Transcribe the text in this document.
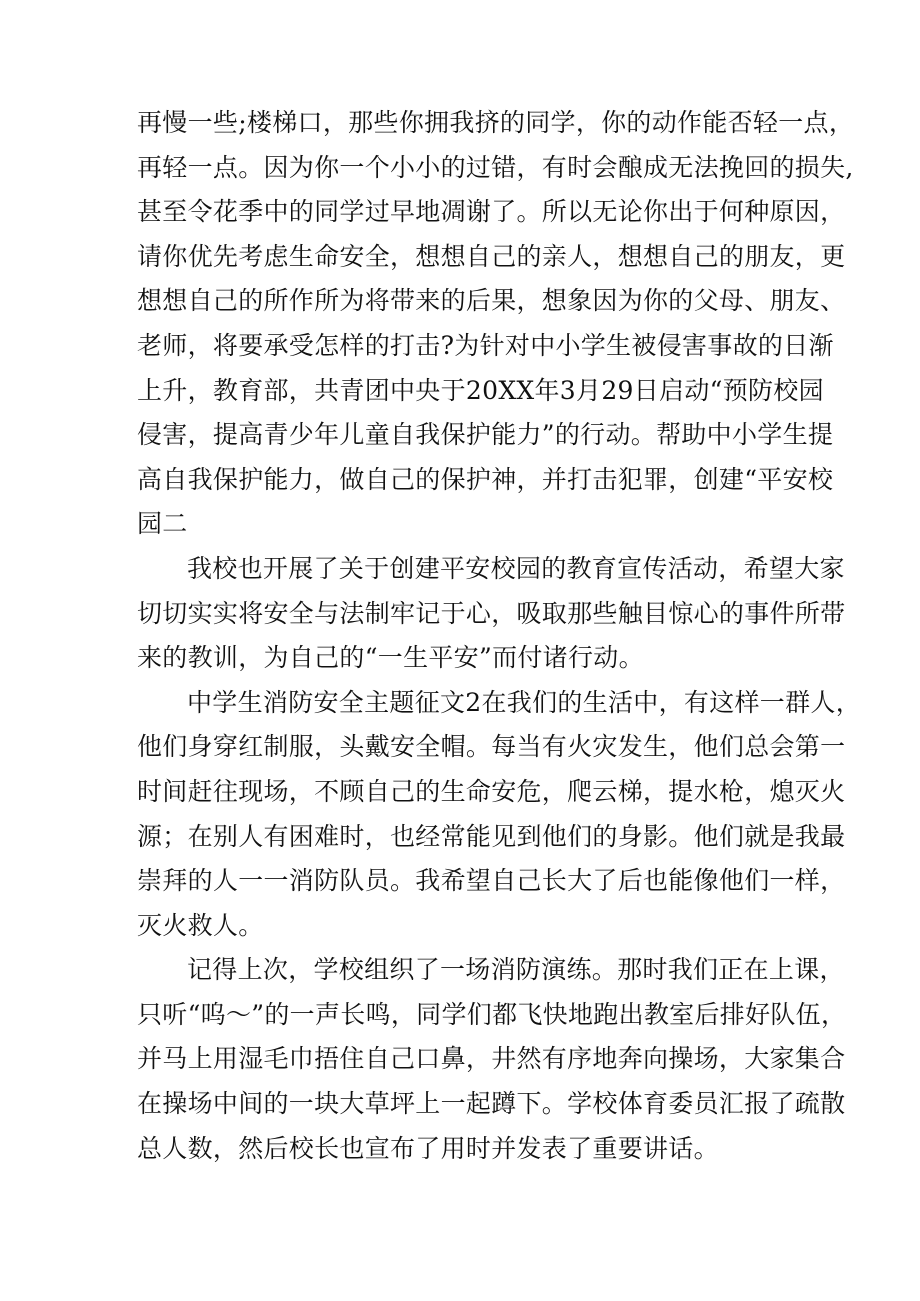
再慢一些;楼梯口，那些你拥我挤的同学，你的动作能否轻一点，
再轻一点。因为你一个小小的过错，有时会酿成无法挽回的损失,
甚至令花季中的同学过早地凋谢了。所以无论你出于何种原因，
请你优先考虑生命安全，想想自己的亲人，想想自己的朋友，更
想想自己的所作所为将带来的后果，想象因为你的父母、朋友、
老师，将要承受怎样的打击?为针对中小学生被侵害事故的日渐
上升，教育部，共青团中央于20XX年3月29日启动“预防校园
侵害，提高青少年儿童自我保护能力”的行动。帮助中小学生提
高自我保护能力，做自己的保护神，并打击犯罪，创建“平安校
园二
我校也开展了关于创建平安校园的教育宣传活动，希望大家
切切实实将安全与法制牢记于心，吸取那些触目惊心的事件所带
来的教训，为自己的“一生平安”而付诸行动。
中学生消防安全主题征文2在我们的生活中，有这样一群人，
他们身穿红制服，头戴安全帽。每当有火灾发生，他们总会第一
时间赶往现场，不顾自己的生命安危，爬云梯，提水枪，熄灭火
源；在别人有困难时，也经常能见到他们的身影。他们就是我最
崇拜的人一一消防队员。我希望自己长大了后也能像他们一样，
灭火救人。
记得上次，学校组织了一场消防演练。那时我们正在上课，
只听“呜～”的一声长鸣，同学们都飞快地跑出教室后排好队伍，
并马上用湿毛巾捂住自己口鼻，井然有序地奔向操场，大家集合
在操场中间的一块大草坪上一起蹲下。学校体育委员汇报了疏散
总人数，然后校长也宣布了用时并发表了重要讲话。
